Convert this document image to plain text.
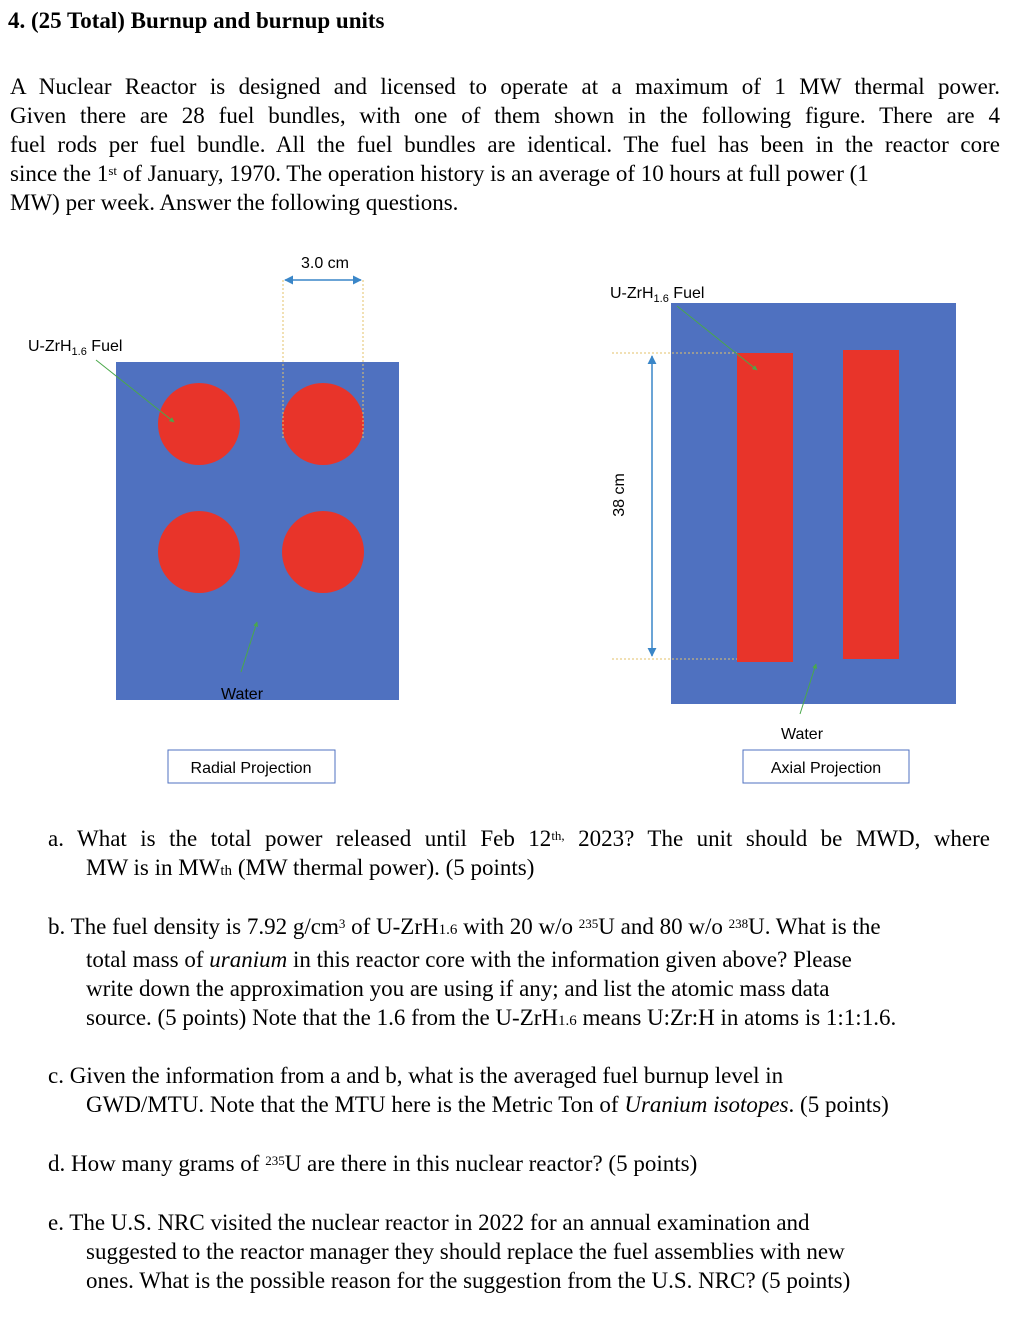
4. (25 Total) Burnup and burnup units
A Nuclear Reactor is designed and licensed to operate at a maximum of 1 MW thermal power.
Given there are 28 fuel bundles, with one of them shown in the following figure. There are 4
fuel rods per fuel bundle. All the fuel bundles are identical. The fuel has been in the reactor core
since the 1st of January, 1970. The operation history is an average of 10 hours at full power (1
MW) per week. Answer the following questions.
3.0 cm
U-ZrH$_{1.6}$ Fuel
Water
Radial Projection
38 cm
U-ZrH$_{1.6}$ Fuel
Water
Axial Projection
a. What is the total power released until Feb $12^{th,}$ 2023? The unit should be MWD, where
MW is in MWth (MW thermal power). (5 points)
b. The fuel density is 7.92 $g/cm^3$ of U-ZrH1.6 with 20 w/o $^{235}$U and 80 w/o $^{238}$U. What is the
total mass of uranium in this reactor core with the information given above? Please
write down the approximation you are using if any; and list the atomic mass data
source. (5 points) Note that the 1.6 from the U-ZrH1.6 means U:Zr:H in atoms is 1:1:1.6.
c. Given the information from a and b, what is the averaged fuel burnup level in
GWD/MTU. Note that the MTU here is the Metric Ton of Uranium isotopes. (5 points)
d. How many grams of $^{235}$U are there in this nuclear reactor? (5 points)
e. The U.S. NRC visited the nuclear reactor in 2022 for an annual examination and
suggested to the reactor manager they should replace the fuel assemblies with new
ones. What is the possible reason for the suggestion from the U.S. NRC? (5 points)
